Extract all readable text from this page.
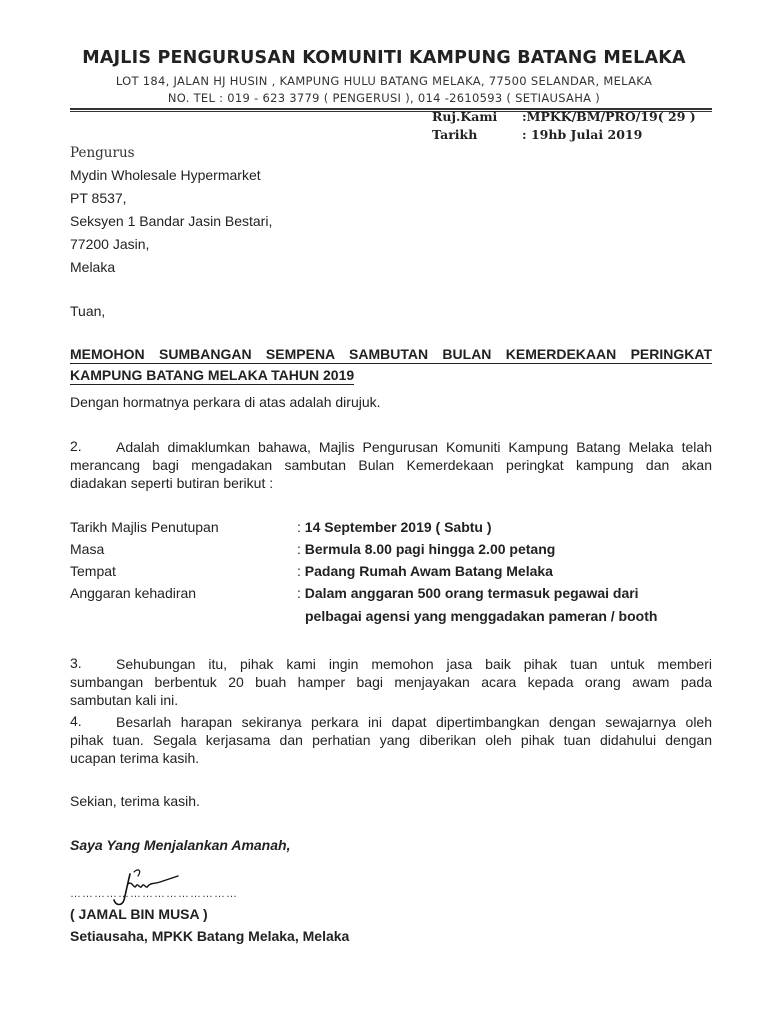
MAJLIS PENGURUSAN KOMUNITI KAMPUNG BATANG MELAKA
LOT 184, JALAN HJ HUSIN , KAMPUNG HULU BATANG MELAKA, 77500 SELANDAR, MELAKA
NO. TEL : 019 - 623 3779 ( PENGERUSI ), 014 -2610593 ( SETIAUSAHA )
Ruj.Kami :MPKK/BM/PRO/19( 29 )
Tarikh	: 19hb Julai 2019
Pengurus
Mydin Wholesale Hypermarket
PT 8537,
Seksyen 1 Bandar Jasin Bestari,
77200 Jasin,
Melaka
Tuan,
MEMOHON SUMBANGAN SEMPENA SAMBUTAN BULAN KEMERDEKAAN PERINGKAT
KAMPUNG BATANG MELAKA TAHUN 2019
Dengan hormatnya perkara di atas adalah dirujuk.
2. Adalah dimaklumkan bahawa, Majlis Pengurusan Komuniti Kampung Batang Melaka telah
merancang bagi mengadakan sambutan Bulan Kemerdekaan peringkat kampung dan akan
diadakan seperti butiran berikut :
Tarikh Majlis Penutupan	: 14 September 2019 ( Sabtu )
Masa	: Bermula 8.00 pagi hingga 2.00 petang
Tempat	: Padang Rumah Awam Batang Melaka
Anggaran kehadiran	: Dalam anggaran 500 orang termasuk pegawai dari
pelbagai agensi yang menggadakan pameran / booth
3. Sehubungan itu, pihak kami ingin memohon jasa baik pihak tuan untuk memberi
sumbangan berbentuk 20 buah hamper bagi menjayakan acara kepada orang awam pada
sambutan kali ini.
4. Besarlah harapan sekiranya perkara ini dapat dipertimbangkan dengan sewajarnya oleh
pihak tuan. Segala kerjasama dan perhatian yang diberikan oleh pihak tuan didahului dengan
ucapan terima kasih.
Sekian, terima kasih.
Saya Yang Menjalankan Amanah,
……………………………………
( JAMAL BIN MUSA )
Setiausaha, MPKK Batang Melaka, Melaka
